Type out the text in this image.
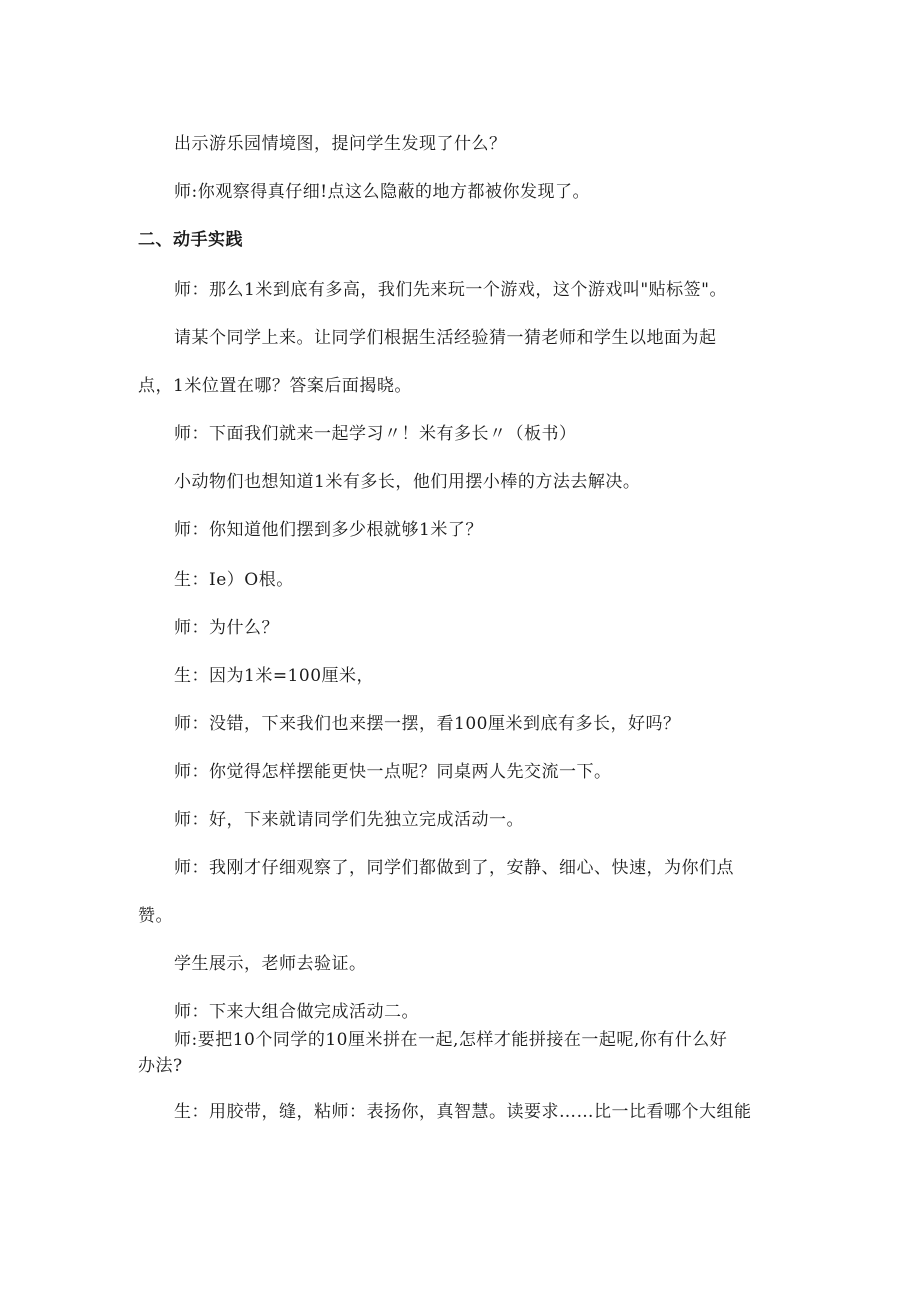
出示游乐园情境图，提问学生发现了什么？

师:你观察得真仔细!点这么隐蔽的地方都被你发现了。

二、动手实践

师：那么1米到底有多高，我们先来玩一个游戏，这个游戏叫"贴标签"。

请某个同学上来。让同学们根据生活经验猜一猜老师和学生以地面为起

点，1米位置在哪？答案后面揭晓。

师：下面我们就来一起学习〃！米有多长〃（板书）

小动物们也想知道1米有多长，他们用摆小棒的方法去解决。

师：你知道他们摆到多少根就够1米了？

生：Ie）O根。

师：为什么？

生：因为1米=100厘米，

师：没错，下来我们也来摆一摆，看100厘米到底有多长，好吗？

师：你觉得怎样摆能更快一点呢？同桌两人先交流一下。

师：好，下来就请同学们先独立完成活动一。

师：我刚才仔细观察了，同学们都做到了，安静、细心、快速，为你们点

赞。

学生展示，老师去验证。

师：下来大组合做完成活动二。

师:要把10个同学的10厘米拼在一起,怎样才能拼接在一起呢,你有什么好

办法?

生：用胶带，缝，粘师：表扬你，真智慧。读要求……比一比看哪个大组能
